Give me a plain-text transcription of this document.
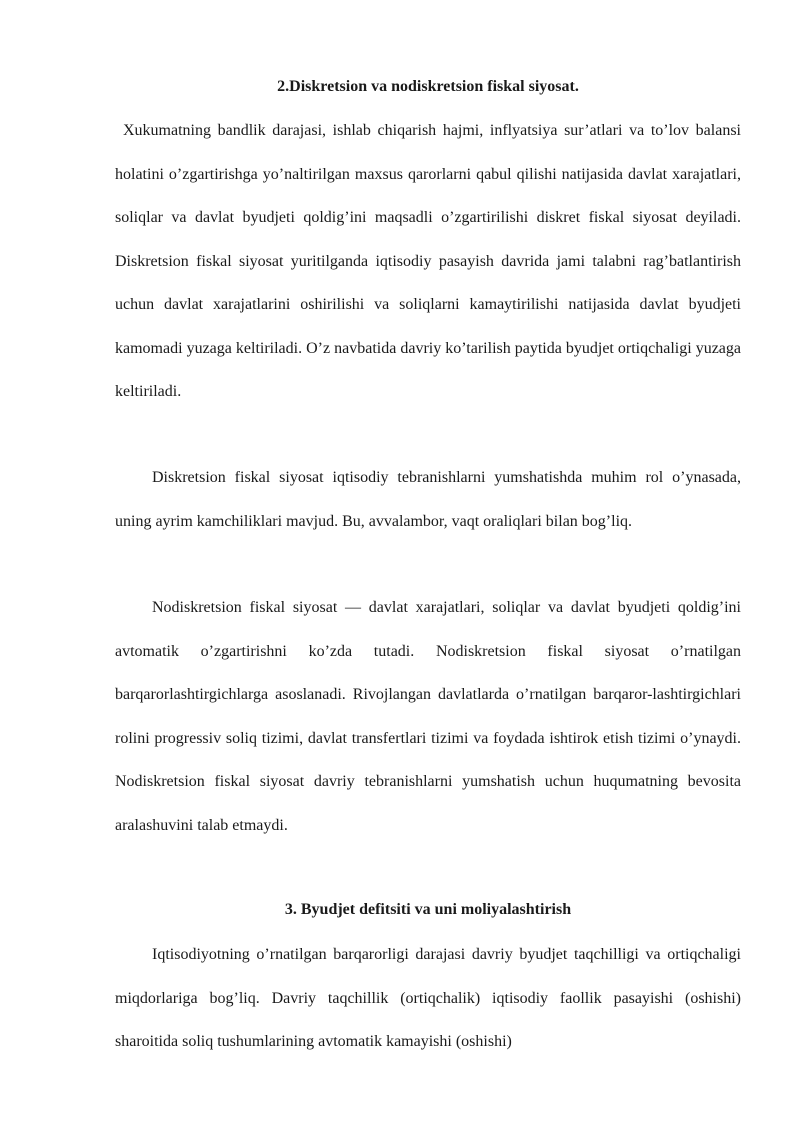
2.Diskretsion va nodiskretsion fiskal siyosat.

Xukumatning bandlik darajasi, ishlab chiqarish hajmi, inflyatsiya sur’atlari va to’lov balansi holatini o’zgartirishga yo’naltirilgan maxsus qarorlarni qabul qilishi natijasida davlat xarajatlari, soliqlar va davlat byudjeti qoldig’ini maqsadli o’zgartirilishi diskret fiskal siyosat deyiladi. Diskretsion fiskal siyosat yuritilganda iqtisodiy pasayish davrida jami talabni rag’batlantirish uchun davlat xarajatlarini oshirilishi va soliqlarni kamaytirilishi natijasida davlat byudjeti kamomadi yuzaga keltiriladi. O’z navbatida davriy ko’tarilish paytida byudjet ortiqchaligi yuzaga keltiriladi.

Diskretsion fiskal siyosat iqtisodiy tebranishlarni yumshatishda muhim rol o’ynasada, uning ayrim kamchiliklari mavjud. Bu, avvalambor, vaqt oraliqlari bilan bog’liq.

Nodiskretsion fiskal siyosat — davlat xarajatlari, soliqlar va davlat byudjeti qoldig’ini avtomatik o’zgartirishni ko’zda tutadi. Nodiskretsion fiskal siyosat o’rnatilgan barqarorlashtirgichlarga asoslanadi. Rivojlangan davlatlarda o’rnatilgan barqaror-lashtirgichlari rolini progressiv soliq tizimi, davlat transfertlari tizimi va foydada ishtirok etish tizimi o’ynaydi. Nodiskretsion fiskal siyosat davriy tebranishlarni yumshatish uchun huqumatning bevosita aralashuvini talab etmaydi.

3. Byudjet defitsiti va uni moliyalashtirish

Iqtisodiyotning o’rnatilgan barqarorligi darajasi davriy byudjet taqchilligi va ortiqchaligi miqdorlariga bog’liq. Davriy taqchillik (ortiqchalik) iqtisodiy faollik pasayishi (oshishi) sharoitida soliq tushumlarining avtomatik kamayishi (oshishi)
